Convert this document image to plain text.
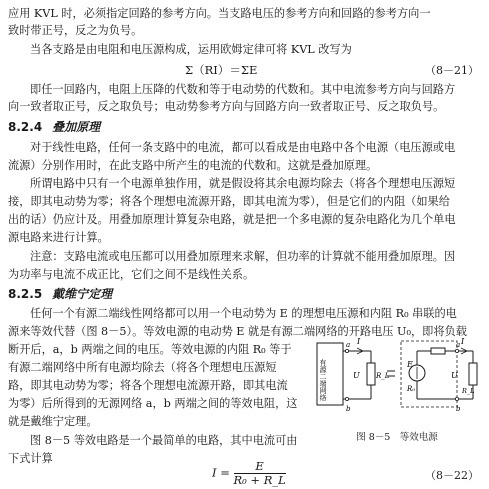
应用 KVL 时，必须指定回路的参考方向。当支路电压的参考方向和回路的参考方向一
致时带正号，反之为负号。
当各支路是由电阻和电压源构成，运用欧姆定律可将 KVL 改写为
Σ（RI）＝ΣE	（8－21）
即任一回路内，电阻上压降的代数和等于电动势的代数和。其中电流参考方向与回路方
向一致者取正号，反之取负号；电动势参考方向与回路方向一致者取正号、反之取负号。
8.2.4 叠加原理
对于线性电路，任何一条支路中的电流，都可以看成是由电路中各个电源（电压源或电
流源）分别作用时，在此支路中所产生的电流的代数和。这就是叠加原理。
所谓电路中只有一个电源单独作用，就是假设将其余电源均除去（将各个理想电压源短
接，即其电动势为零；将各个理想电流源开路，即其电流为零），但是它们的内阻（如果给
出的话）仍应计及。用叠加原理计算复杂电路，就是把一个多电源的复杂电路化为几个单电
源电路来进行计算。
注意：支路电流或电压都可以用叠加原理来求解，但功率的计算就不能用叠加原理。因
为功率与电流不成正比，它们之间不是线性关系。
8.2.5 戴维宁定理
任何一个有源二端线性网络都可以用一个电动势为 E 的理想电压源和内阻 R₀ 串联的电
源来等效代替（图 8－5）。等效电源的电动势 E 就是有源二端网络的开路电压 U₀，即将负载
断开后，a，b 两端之间的电压。等效电源的内阻 R₀ 等于
有源二端网络中所有电源均除去（将各个理想电压源短
路，即其电动势为零；将各个理想电流源开路，即其电流
为零）后所得到的无源网络 a，b 两端之间的等效电阻，这
就是戴维宁定理。
图 8－5 等效电路是一个最简单的电路，其中电流可由
下式计算
$I = \frac{E}{\text{R₀ + R\_L}}$	（8－22）
有源二端网络
I
U R_L
a
b
E
R₀
I
U
R_L
a
b
图 8－5　等效电源
